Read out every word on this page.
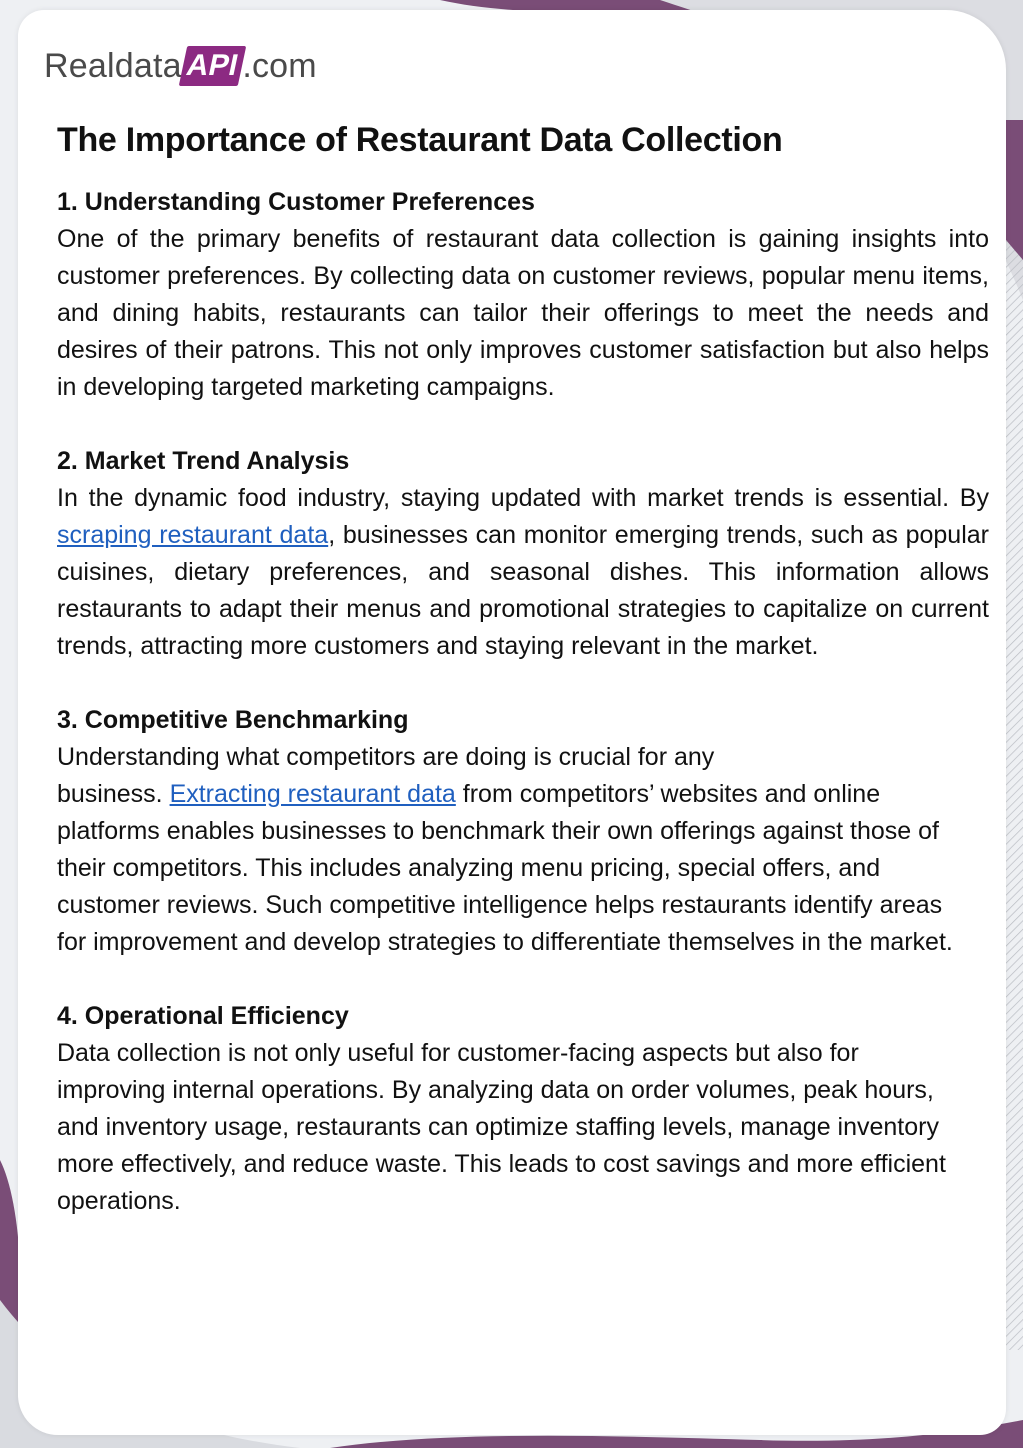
Realdata API .com
The Importance of Restaurant Data Collection
1. Understanding Customer Preferences

One of the primary benefits of restaurant data collection is gaining insights into customer preferences. By collecting data on customer reviews, popular menu items, and dining habits, restaurants can tailor their offerings to meet the needs and desires of their patrons. This not only improves customer satisfaction but also helps in developing targeted marketing campaigns.

2. Market Trend Analysis

In the dynamic food industry, staying updated with market trends is essential. By scraping restaurant data, businesses can monitor emerging trends, such as popular cuisines, dietary preferences, and seasonal dishes. This information allows restaurants to adapt their menus and promotional strategies to capitalize on current trends, attracting more customers and staying relevant in the market.

3. Competitive Benchmarking

Understanding what competitors are doing is crucial for any

business. Extracting restaurant data from competitors’ websites and online platforms enables businesses to benchmark their own offerings against those of their competitors. This includes analyzing menu pricing, special offers, and customer reviews. Such competitive intelligence helps restaurants identify areas for improvement and develop strategies to differentiate themselves in the market.

4. Operational Efficiency

Data collection is not only useful for customer-facing aspects but also for improving internal operations. By analyzing data on order volumes, peak hours, and inventory usage, restaurants can optimize staffing levels, manage inventory more effectively, and reduce waste. This leads to cost savings and more efficient operations.
